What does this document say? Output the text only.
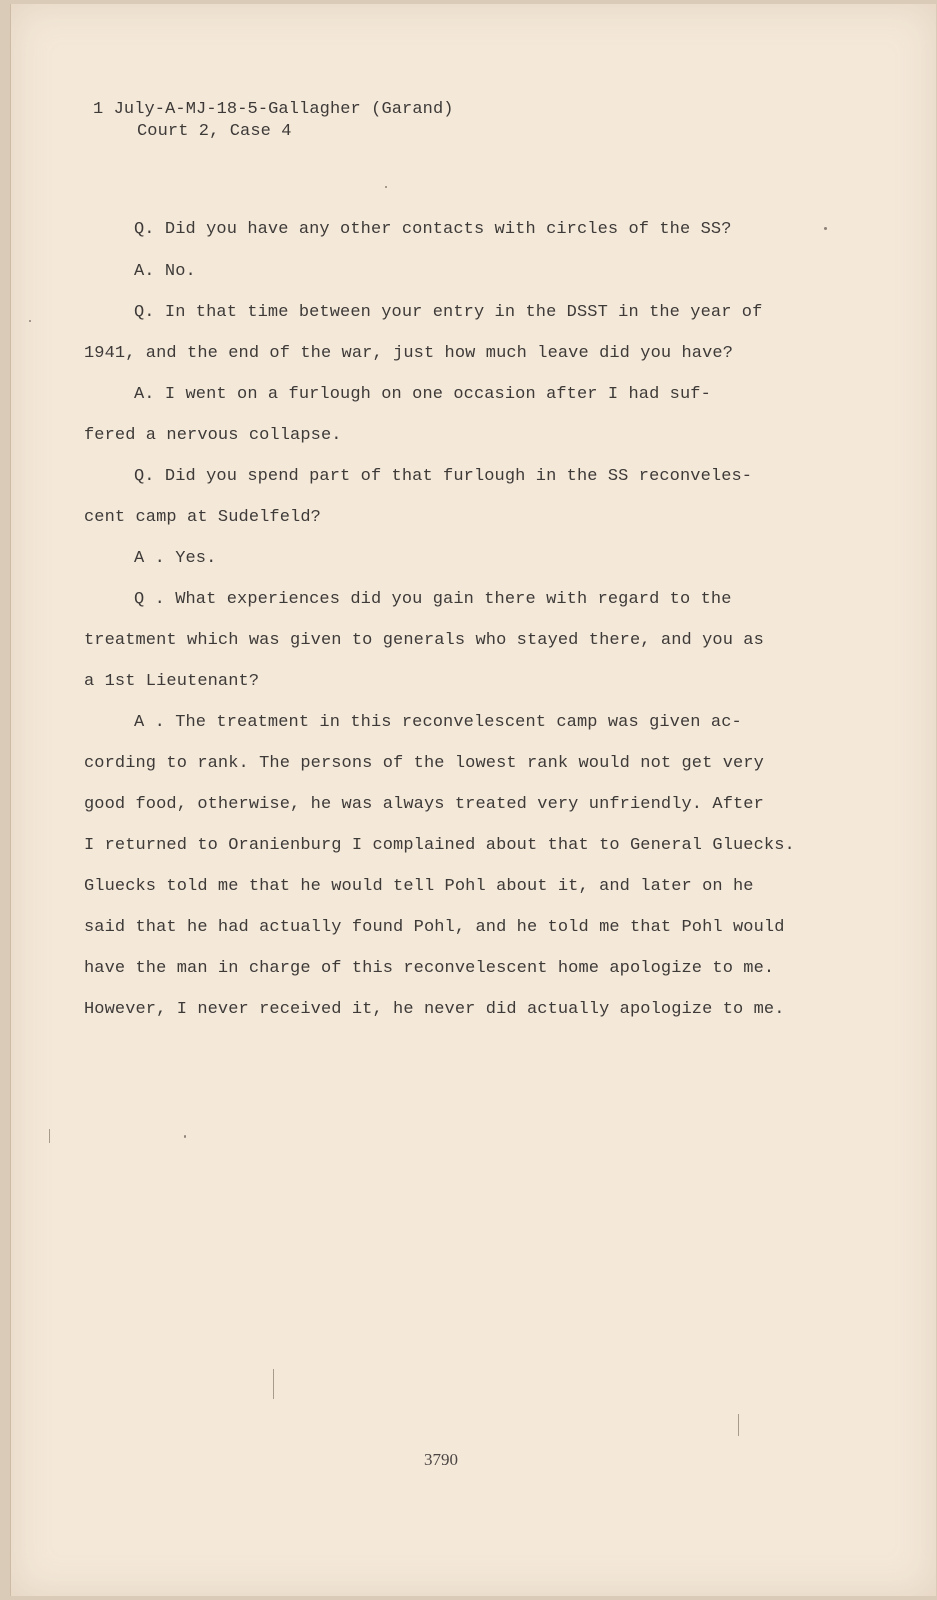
1 July-A-MJ-18-5-Gallagher (Garand)
Court 2, Case 4
Q. Did you have any other contacts with circles of the SS?
A. No.
Q. In that time between your entry in the DSST in the year of
1941, and the end of the war, just how much leave did you have?
A. I went on a furlough on one occasion after I had suf-
fered a nervous collapse.
Q. Did you spend part of that furlough in the SS reconveles-
cent camp at Sudelfeld?
A . Yes.
Q . What experiences did you gain there with regard to the
treatment which was given to generals who stayed there, and you as
a 1st Lieutenant?
A . The treatment in this reconvelescent camp was given ac-
cording to rank. The persons of the lowest rank would not get very
good food, otherwise, he was always treated very unfriendly. After
I returned to Oranienburg I complained about that to General Gluecks.
Gluecks told me that he would tell Pohl about it, and later on he
said that he had actually found Pohl, and he told me that Pohl would
have the man in charge of this reconvelescent home apologize to me.
However, I never received it, he never did actually apologize to me.
3790
